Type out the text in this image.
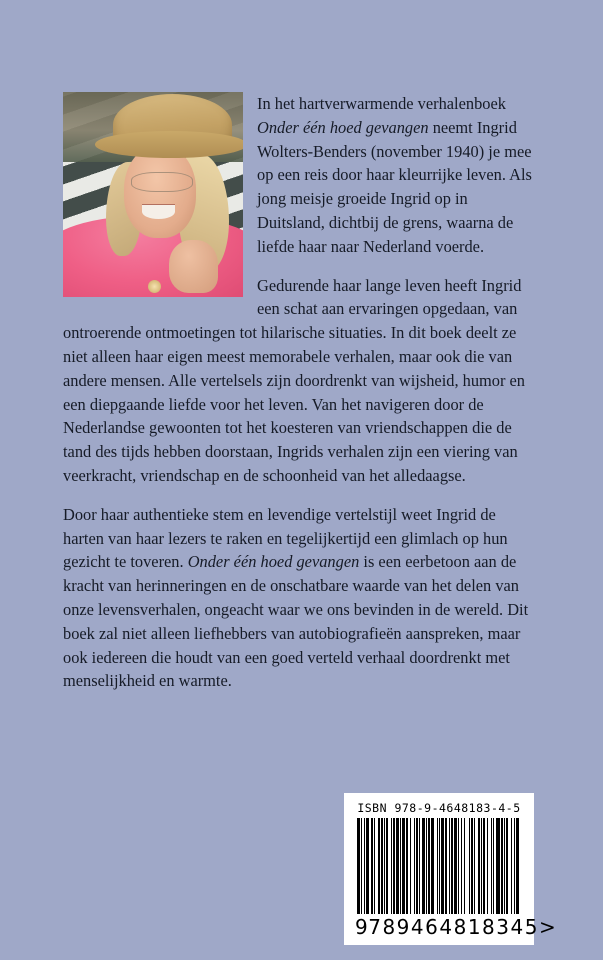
In het hartverwarmende verhalenboek Onder één hoed gevangen neemt Ingrid Wolters-Benders (november 1940) je mee op een reis door haar kleurrijke leven. Als jong meisje groeide Ingrid op in Duitsland, dichtbij de grens, waarna de liefde haar naar Nederland voerde.

Gedurende haar lange leven heeft Ingrid een schat aan ervaringen opgedaan, van ontroerende ontmoetingen tot hilarische situaties. In dit boek deelt ze niet alleen haar eigen meest memorabele verhalen, maar ook die van andere mensen. Alle vertelsels zijn doordrenkt van wijsheid, humor en een diepgaande liefde voor het leven. Van het navigeren door de Nederlandse gewoonten tot het koesteren van vriendschappen die de tand des tijds hebben doorstaan, Ingrids verhalen zijn een viering van veerkracht, vriendschap en de schoonheid van het alledaagse.

Door haar authentieke stem en levendige vertelstijl weet Ingrid de harten van haar lezers te raken en tegelijkertijd een glimlach op hun gezicht te toveren. Onder één hoed gevangen is een eerbetoon aan de kracht van herinneringen en de onschatbare waarde van het delen van onze levensverhalen, ongeacht waar we ons bevinden in de wereld. Dit boek zal niet alleen liefhebbers van autobiografieën aanspreken, maar ook iedereen die houdt van een goed verteld verhaal doordrenkt met menselijkheid en warmte.

ISBN 978-9-4648183-4-5
9 789464 818345 >
